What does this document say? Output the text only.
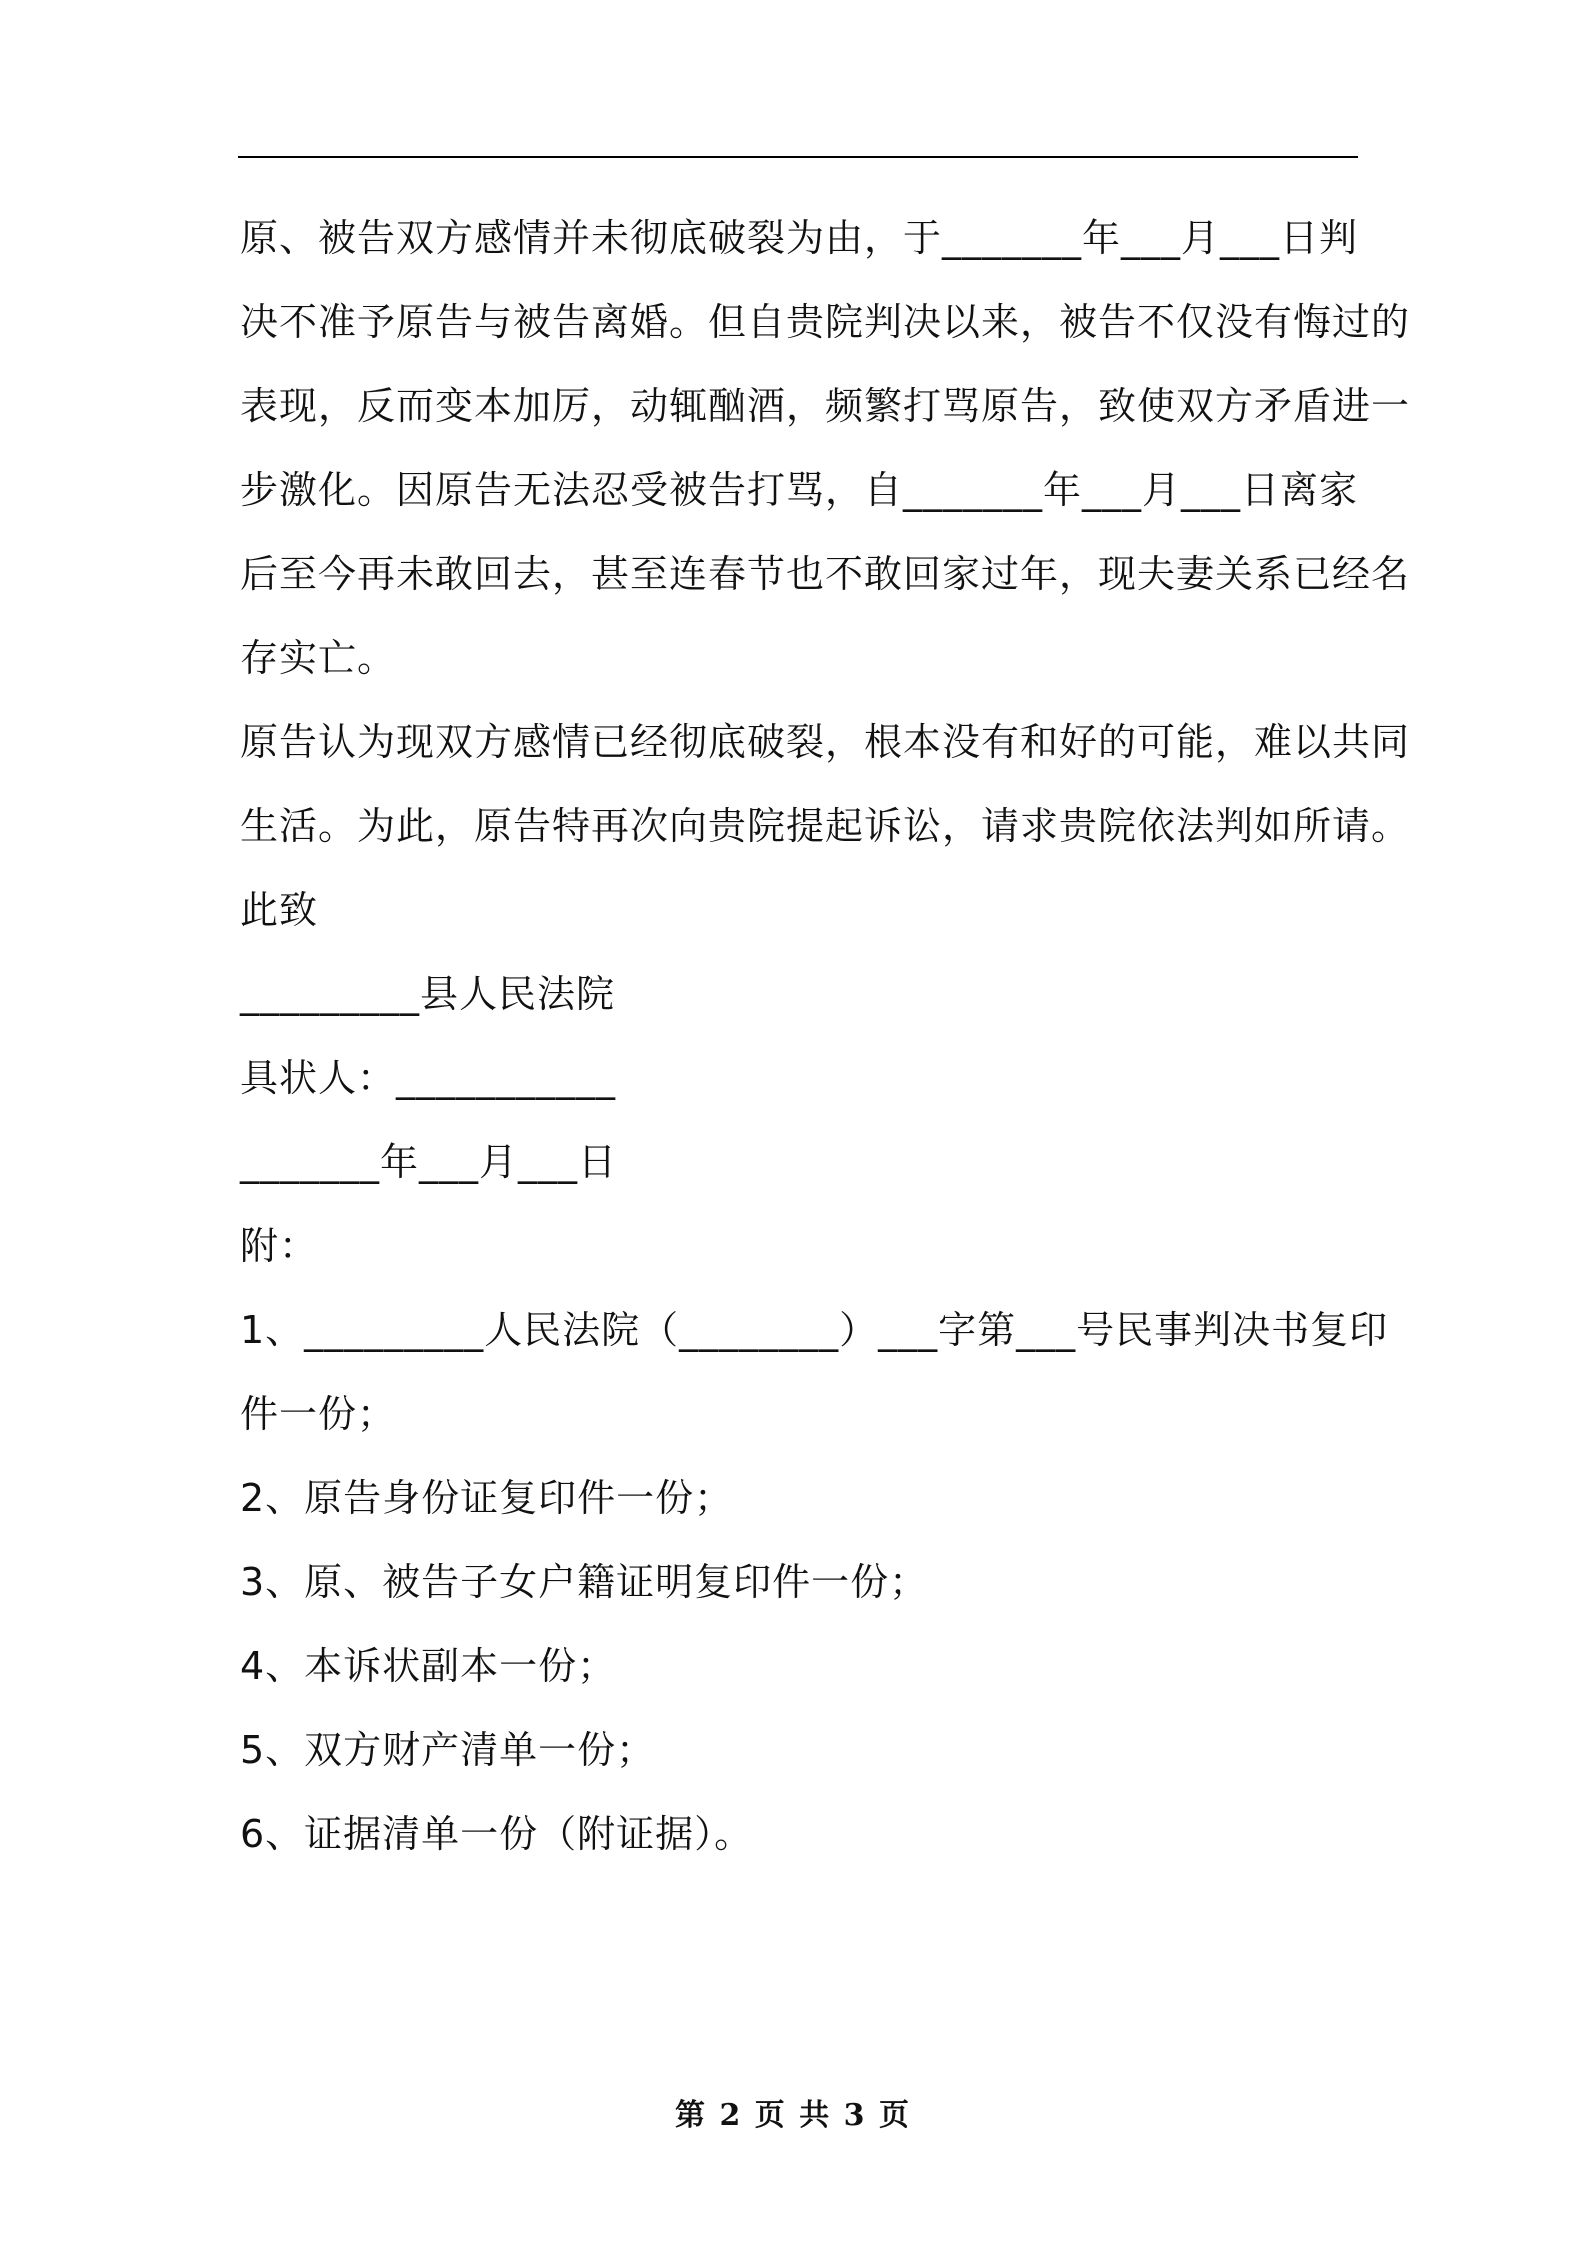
原、被告双方感情并未彻底破裂为由，于_______年___月___日判
决不准予原告与被告离婚。但自贵院判决以来，被告不仅没有悔过的
表现，反而变本加厉，动辄酗酒，频繁打骂原告，致使双方矛盾进一
步激化。因原告无法忍受被告打骂，自_______年___月___日离家
后至今再未敢回去，甚至连春节也不敢回家过年，现夫妻关系已经名
存实亡。
原告认为现双方感情已经彻底破裂，根本没有和好的可能，难以共同
生活。为此，原告特再次向贵院提起诉讼，请求贵院依法判如所请。
此致
_________县人民法院
具状人：___________
_______年___月___日
附：
1、_________人民法院（________）___字第___号民事判决书复印
件一份；
2、原告身份证复印件一份；
3、原、被告子女户籍证明复印件一份；
4、本诉状副本一份；
5、双方财产清单一份；
6、证据清单一份（附证据）。
第 2 页 共 3 页
